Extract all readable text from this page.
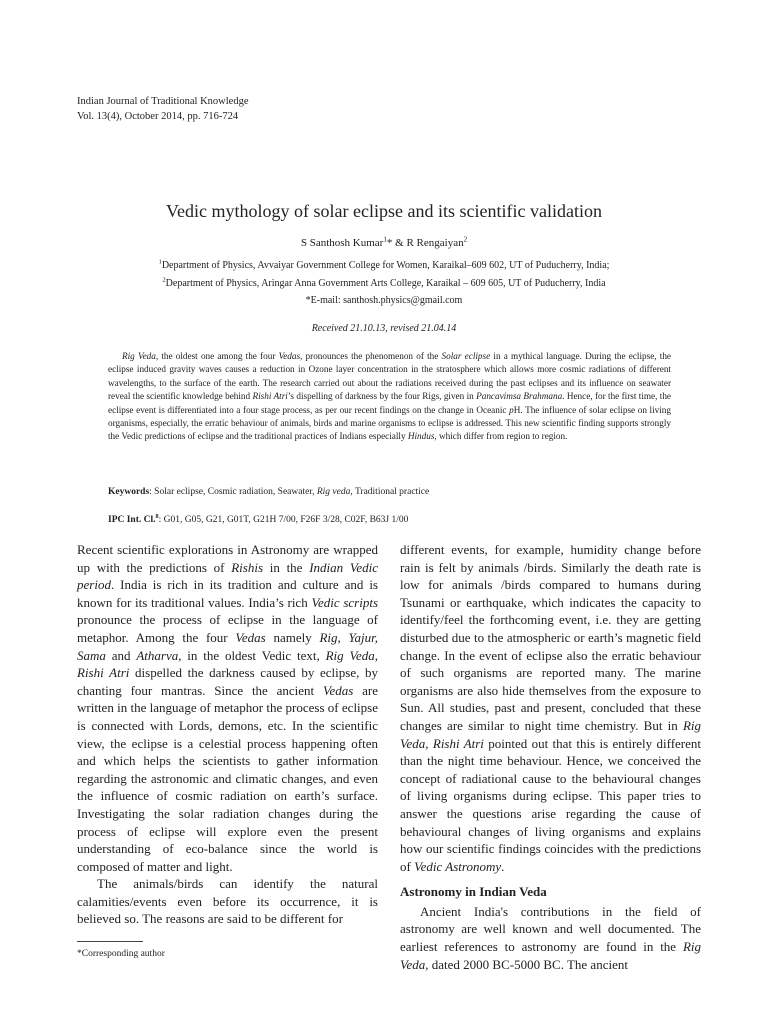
Indian Journal of Traditional Knowledge
Vol. 13(4), October 2014, pp. 716-724
Vedic mythology of solar eclipse and its scientific validation
S Santhosh Kumar$^1$* & R Rengaiyan$^2$
$^1$Department of Physics, Avvaiyar Government College for Women, Karaikal–609 602, UT of Puducherry, India;
$^2$Department of Physics, Aringar Anna Government Arts College, Karaikal – 609 605, UT of Puducherry, India
*E-mail: santhosh.physics@gmail.com
Received 21.10.13, revised 21.04.14
Rig Veda, the oldest one among the four Vedas, pronounces the phenomenon of the Solar eclipse in a mythical language. During the eclipse, the eclipse induced gravity waves causes a reduction in Ozone layer concentration in the stratosphere which allows more cosmic radiations of different wavelengths, to the surface of the earth. The research carried out about the radiations received during the past eclipses and its influence on seawater reveal the scientific knowledge behind Rishi Atri’s dispelling of darkness by the four Rigs, given in Pancavimsa Brahmana. Hence, for the first time, the eclipse event is differentiated into a four stage process, as per our recent findings on the change in Oceanic pH. The influence of solar eclipse on living organisms, especially, the erratic behaviour of animals, birds and marine organisms to eclipse is addressed. This new scientific finding supports strongly the Vedic predictions of eclipse and the traditional practices of Indians especially Hindus, which differ from region to region.
Keywords: Solar eclipse, Cosmic radiation, Seawater, Rig veda, Traditional practice
IPC Int. Cl.$^8$: G01, G05, G21, G01T, G21H 7/00, F26F 3/28, C02F, B63J 1/00

Recent scientific explorations in Astronomy are wrapped up with the predictions of Rishis in the Indian Vedic period. India is rich in its tradition and culture and is known for its traditional values. India’s rich Vedic scripts pronounce the process of eclipse in the language of metaphor. Among the four Vedas namely Rig, Yajur, Sama and Atharva, in the oldest Vedic text, Rig Veda, Rishi Atri dispelled the darkness caused by eclipse, by chanting four mantras. Since the ancient Vedas are written in the language of metaphor the process of eclipse is connected with Lords, demons, etc. In the scientific view, the eclipse is a celestial process happening often and which helps the scientists to gather information regarding the astronomic and climatic changes, and even the influence of cosmic radiation on earth’s surface. Investigating the solar radiation changes during the process of eclipse will explore even the present understanding of eco-balance since the world is composed of matter and light.

The animals/birds can identify the natural calamities/events even before its occurrence, it is believed so. The reasons are said to be different for

different events, for example, humidity change before rain is felt by animals /birds. Similarly the death rate is low for animals /birds compared to humans during Tsunami or earthquake, which indicates the capacity to identify/feel the forthcoming event, i.e. they are getting disturbed due to the atmospheric or earth’s magnetic field change. In the event of eclipse also the erratic behaviour of such organisms are reported many. The marine organisms are also hide themselves from the exposure to Sun. All studies, past and present, concluded that these changes are similar to night time chemistry. But in Rig Veda, Rishi Atri pointed out that this is entirely different than the night time behaviour. Hence, we conceived the concept of radiational cause to the behavioural changes of living organisms during eclipse. This paper tries to answer the questions arise regarding the cause of behavioural changes of living organisms and explains how our scientific findings coincides with the predictions of Vedic Astronomy.

Astronomy in Indian Veda

Ancient India's contributions in the field of astronomy are well known and well documented. The earliest references to astronomy are found in the Rig Veda, dated 2000 BC-5000 BC. The ancient

*Corresponding author
